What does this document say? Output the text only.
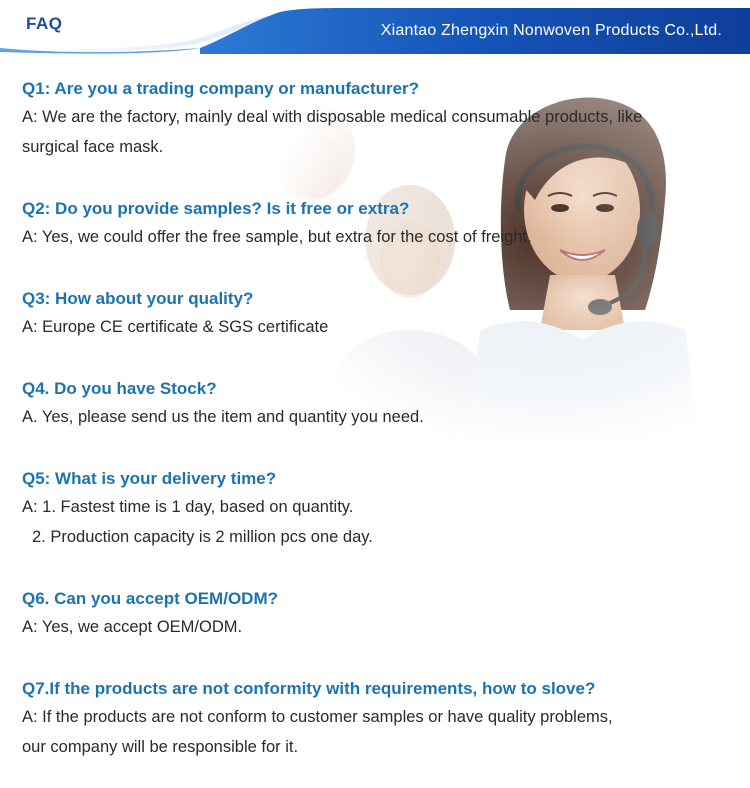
FAQ	Xiantao Zhengxin Nonwoven Products Co.,Ltd.
Q1: Are you a trading company or manufacturer?
A: We are the factory, mainly deal with disposable medical consumable products, like
surgical face mask.
Q2: Do you provide samples? Is it free or extra?
A: Yes, we could offer the free sample, but extra for the cost of freight.
Q3: How about your quality?
A: Europe CE certificate & SGS certificate
Q4. Do you have Stock?
A. Yes, please send us the item and quantity you need.
Q5: What is your delivery time?
A: 1. Fastest time is 1 day, based on quantity.
2. Production capacity is 2 million pcs one day.
Q6. Can you accept OEM/ODM?
A: Yes, we accept OEM/ODM.
Q7.If the products are not conformity with requirements, how to slove?
A: If the products are not conform to customer samples or have quality problems,
our company will be responsible for it.
